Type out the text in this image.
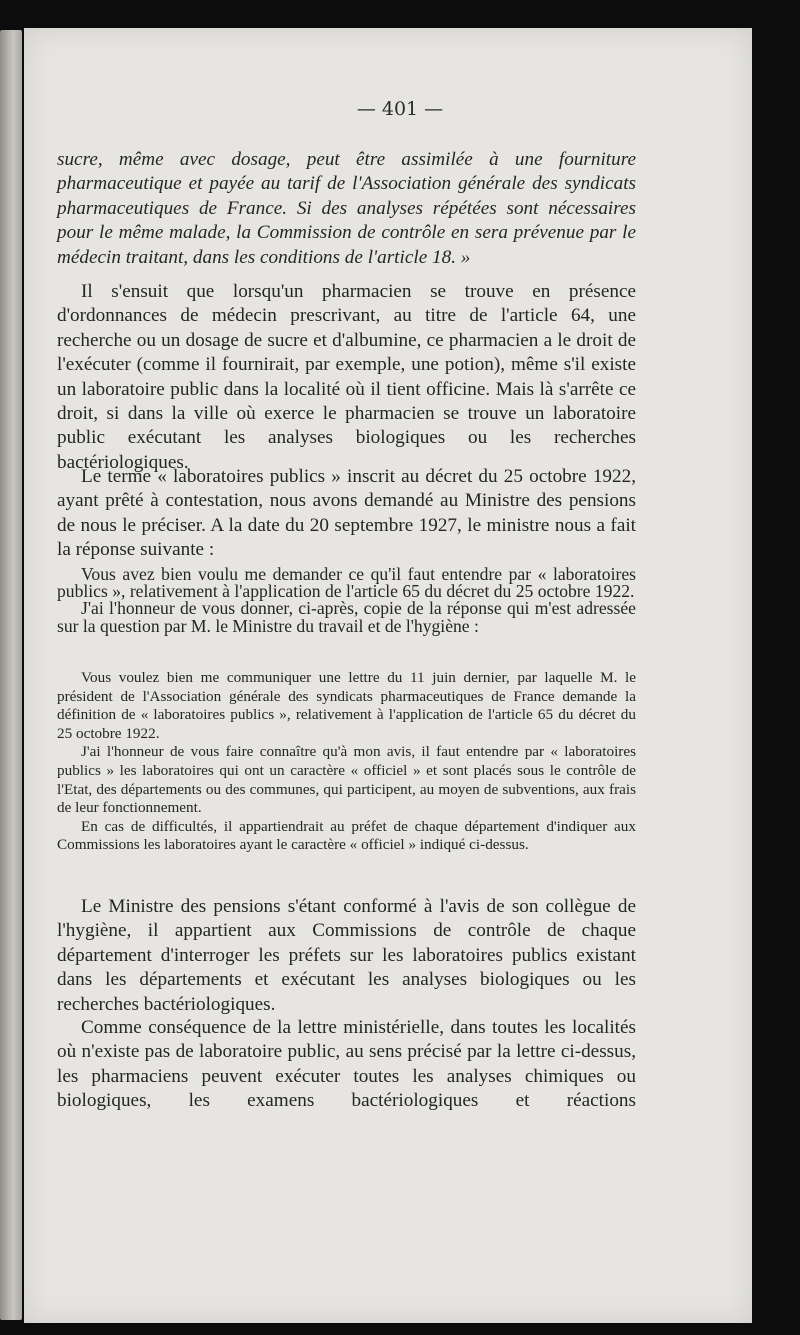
— 401 —

sucre, même avec dosage, peut être assimilée à une fourniture pharmaceutique et payée au tarif de l'Association générale des syndicats pharmaceutiques de France. Si des analyses répétées sont nécessaires pour le même malade, la Commission de contrôle en sera prévenue par le médecin traitant, dans les conditions de l'article 18. »

Il s'ensuit que lorsqu'un pharmacien se trouve en présence d'ordonnances de médecin prescrivant, au titre de l'article 64, une recherche ou un dosage de sucre et d'albumine, ce pharmacien a le droit de l'exécuter (comme il fournirait, par exemple, une potion), même s'il existe un laboratoire public dans la localité où il tient officine. Mais là s'arrête ce droit, si dans la ville où exerce le pharmacien se trouve un laboratoire public exécutant les analyses biologiques ou les recherches bactériologiques.

Le terme « laboratoires publics » inscrit au décret du 25 octobre 1922, ayant prêté à contestation, nous avons demandé au Ministre des pensions de nous le préciser. A la date du 20 septembre 1927, le ministre nous a fait la réponse suivante :

Vous avez bien voulu me demander ce qu'il faut entendre par « laboratoires publics », relativement à l'application de l'article 65 du décret du 25 octobre 1922.

J'ai l'honneur de vous donner, ci-après, copie de la réponse qui m'est adressée sur la question par M. le Ministre du travail et de l'hygiène :

Vous voulez bien me communiquer une lettre du 11 juin dernier, par laquelle M. le président de l'Association générale des syndicats pharmaceutiques de France demande la définition de « laboratoires publics », relativement à l'application de l'article 65 du décret du 25 octobre 1922.

J'ai l'honneur de vous faire connaître qu'à mon avis, il faut entendre par « laboratoires publics » les laboratoires qui ont un caractère « officiel » et sont placés sous le contrôle de l'Etat, des départements ou des communes, qui participent, au moyen de subventions, aux frais de leur fonctionnement.

En cas de difficultés, il appartiendrait au préfet de chaque département d'indiquer aux Commissions les laboratoires ayant le caractère « officiel » indiqué ci-dessus.

Le Ministre des pensions s'étant conformé à l'avis de son collègue de l'hygiène, il appartient aux Commissions de contrôle de chaque département d'interroger les préfets sur les laboratoires publics existant dans les départements et exécutant les analyses biologiques ou les recherches bactériologiques.

Comme conséquence de la lettre ministérielle, dans toutes les localités où n'existe pas de laboratoire public, au sens précisé par la lettre ci-dessus, les pharmaciens peuvent exécuter toutes les analyses chimiques ou biologiques, les examens bactériologiques et réactions
